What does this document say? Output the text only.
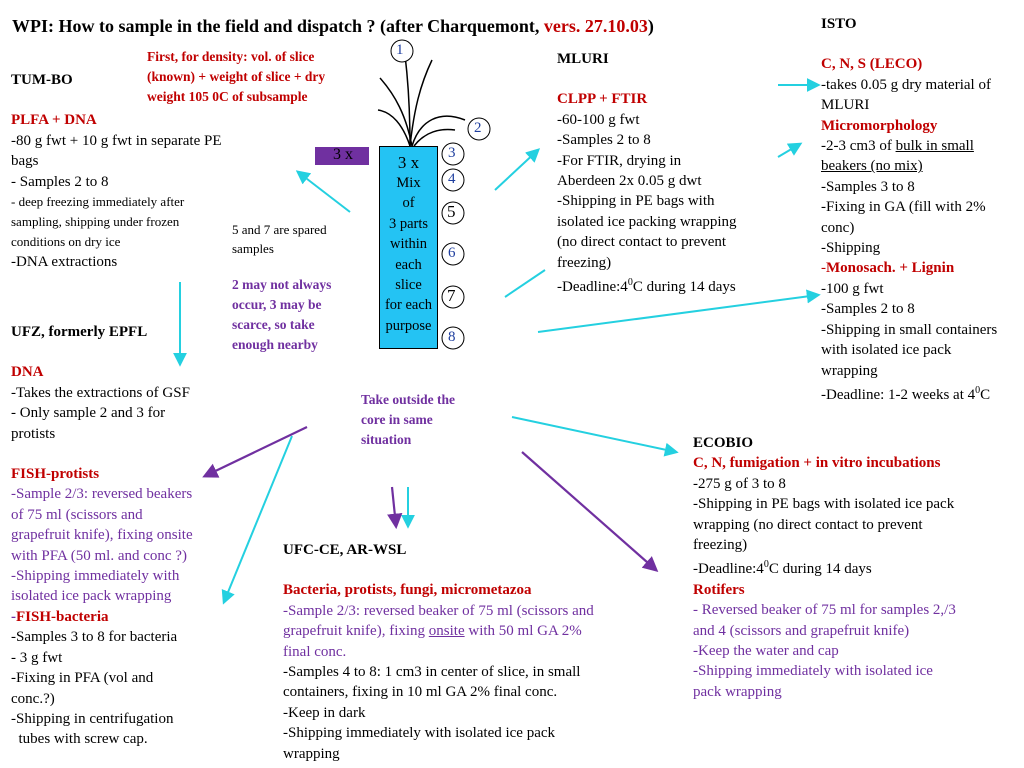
WPI: How to sample in the field and dispatch ? (after Charquemont, vers. 27.10.03)
1
2
3
4
5
6
7
8
3 x	3 x
Mix
of
3 parts
within
each
slice
for each
purpose
First, for density: vol. of slice
(known) + weight of slice + dry
weight 105 0C of subsample
5 and 7 are spared
samples
2 may not always
occur, 3 may be
scarce, so take
enough nearby
Take outside the
core in same
situation
TUM-BO
PLFA + DNA
-80 g fwt + 10 g fwt in separate PE
bags
- Samples 2 to 8
- deep freezing immediately after
sampling, shipping under frozen
conditions on dry ice
-DNA extractions
UFZ, formerly EPFL
DNA
-Takes the extractions of GSF
- Only sample 2 and 3 for
protists
FISH-protists
-Sample 2/3: reversed beakers
of 75 ml (scissors and
grapefruit knife), fixing onsite
with PFA (50 ml. and conc ?)
-Shipping immediately with
isolated ice pack wrapping
-FISH-bacteria
-Samples 3 to 8 for bacteria
- 3 g fwt
-Fixing in PFA (vol and
conc.?)
-Shipping in centrifugation
tubes with screw cap.
MLURI
CLPP + FTIR
-60-100 g fwt
-Samples 2 to 8
-For FTIR, drying in
Aberdeen 2x 0.05 g dwt
-Shipping in PE bags with
isolated ice packing wrapping
(no direct contact to prevent
freezing)
$-Deadline:4^0C$ during 14 days
ISTO
C, N, S (LECO)
-takes 0.05 g dry material of
MLURI
Micromorphology
-2-3 cm3 of bulk in small
beakers (no mix)
-Samples 3 to 8
-Fixing in GA (fill with 2%
conc)
-Shipping
-Monosach. + Lignin
-100 g fwt
-Samples 2 to 8
-Shipping in small containers
with isolated ice pack
wrapping
-Deadline: 1-2 weeks at $4^0C$
ECOBIO
C, N, fumigation + in vitro incubations
-275 g of 3 to 8
-Shipping in PE bags with isolated ice pack
wrapping (no direct contact to prevent
freezing)
$-Deadline:4^0C$ during 14 days
Rotifers
- Reversed beaker of 75 ml for samples 2,/3
and 4 (scissors and grapefruit knife)
-Keep the water and cap
-Shipping immediately with isolated ice
pack wrapping
UFC-CE, AR-WSL
Bacteria, protists, fungi, micrometazoa
-Sample 2/3: reversed beaker of 75 ml (scissors and
grapefruit knife), fixing onsite with 50 ml GA 2%
final conc.
-Samples 4 to 8: 1 cm3 in center of slice, in small
containers, fixing in 10 ml GA 2% final conc.
-Keep in dark
-Shipping immediately with isolated ice pack
wrapping
